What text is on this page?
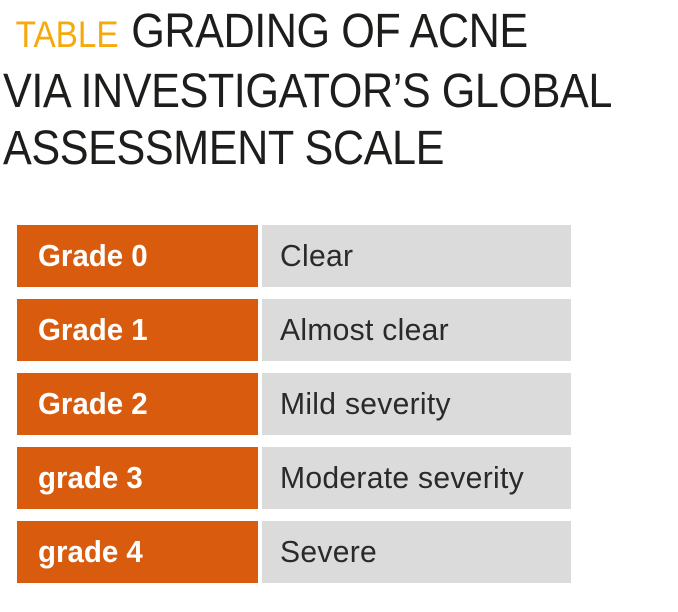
TABLE GRADING OF ACNE
VIA INVESTIGATOR’S GLOBAL
ASSESSMENT SCALE
Grade 0	Clear
Grade 1	Almost clear
Grade 2	Mild severity
grade 3	Moderate severity
grade 4	Severe
